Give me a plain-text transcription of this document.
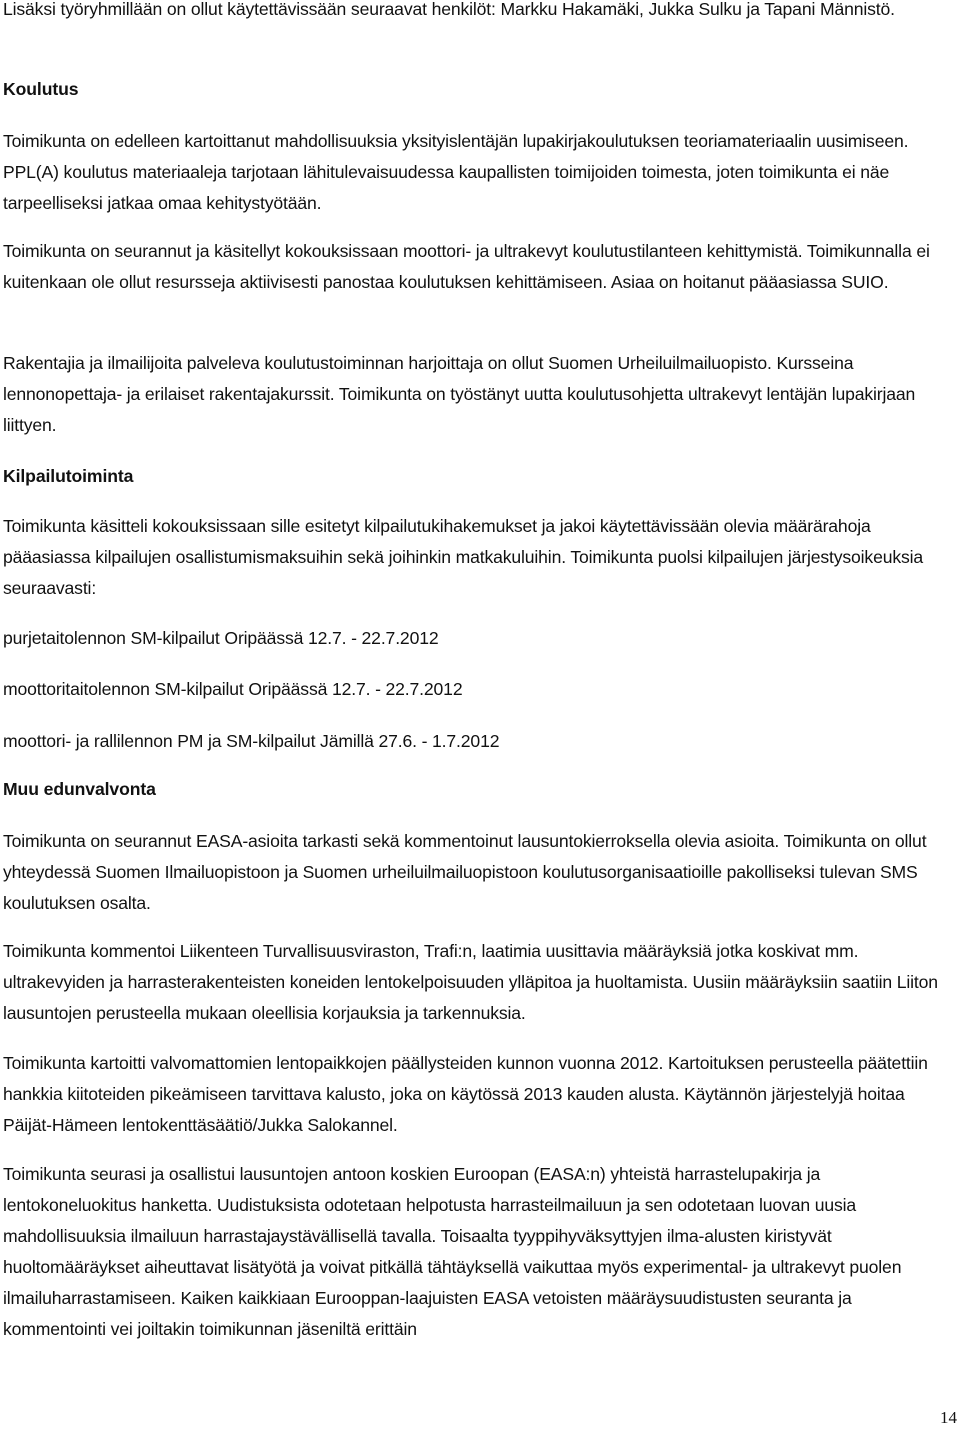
Lisäksi työryhmillään on ollut käytettävissään seuraavat henkilöt: Markku Hakamäki, Jukka Sulku ja Tapani Männistö.

Koulutus

Toimikunta on edelleen kartoittanut mahdollisuuksia yksityislentäjän lupakirjakoulutuksen teoriamateriaalin uusimiseen. PPL(A) koulutus materiaaleja tarjotaan lähitulevaisuudessa kaupallisten toimijoiden toimesta, joten toimikunta ei näe tarpeelliseksi jatkaa omaa kehitystyötään.

Toimikunta on seurannut ja käsitellyt kokouksissaan moottori- ja ultrakevyt koulutustilanteen kehittymistä. Toimikunnalla ei kuitenkaan ole ollut resursseja aktiivisesti panostaa koulutuksen kehittämiseen. Asiaa on hoitanut pääasiassa SUIO.

Rakentajia ja ilmailijoita palveleva koulutustoiminnan harjoittaja on ollut Suomen Urheiluilmailuopisto. Kursseina lennonopettaja- ja erilaiset rakentajakurssit. Toimikunta on työstänyt uutta koulutusohjetta ultrakevyt lentäjän lupakirjaan liittyen.

Kilpailutoiminta

Toimikunta käsitteli kokouksissaan sille esitetyt kilpailutukihakemukset ja jakoi käytettävissään olevia määrärahoja pääasiassa kilpailujen osallistumismaksuihin sekä joihinkin matkakuluihin. Toimikunta puolsi kilpailujen järjestysoikeuksia seuraavasti:

purjetaitolennon SM-kilpailut Oripäässä 12.7. - 22.7.2012

moottoritaitolennon SM-kilpailut Oripäässä 12.7. - 22.7.2012

moottori- ja rallilennon PM ja SM-kilpailut Jämillä 27.6. - 1.7.2012

Muu edunvalvonta

Toimikunta on seurannut EASA-asioita tarkasti sekä kommentoinut lausuntokierroksella olevia asioita. Toimikunta on ollut yhteydessä Suomen Ilmailuopistoon ja Suomen urheiluilmailuopistoon koulutusorganisaatioille pakolliseksi tulevan SMS koulutuksen osalta.

Toimikunta kommentoi Liikenteen Turvallisuusviraston, Trafi:n, laatimia uusittavia määräyksiä jotka koskivat mm. ultrakevyiden ja harrasterakenteisten koneiden lentokelpoisuuden ylläpitoa ja huoltamista. Uusiin määräyksiin saatiin Liiton lausuntojen perusteella mukaan oleellisia korjauksia ja tarkennuksia.

Toimikunta kartoitti valvomattomien lentopaikkojen päällysteiden kunnon vuonna 2012. Kartoituksen perusteella päätettiin hankkia kiitoteiden pikeämiseen tarvittava kalusto, joka on käytössä 2013 kauden alusta. Käytännön järjestelyjä hoitaa Päijät-Hämeen lentokenttäsäätiö/Jukka Salokannel.

Toimikunta seurasi ja osallistui lausuntojen antoon koskien Euroopan (EASA:n) yhteistä harrastelupakirja ja lentokoneluokitus hanketta. Uudistuksista odotetaan helpotusta harrasteilmailuun ja sen odotetaan luovan uusia mahdollisuuksia ilmailuun harrastajaystävällisellä tavalla. Toisaalta tyyppihyväksyttyjen ilma-alusten kiristyvät huoltomääräykset aiheuttavat lisätyötä ja voivat pitkällä tähtäyksellä vaikuttaa myös experimental- ja ultrakevyt puolen ilmailuharrastamiseen. Kaiken kaikkiaan Eurooppan-laajuisten EASA vetoisten määräysuudistusten seuranta ja kommentointi vei joiltakin toimikunnan jäseniltä erittäin

14
